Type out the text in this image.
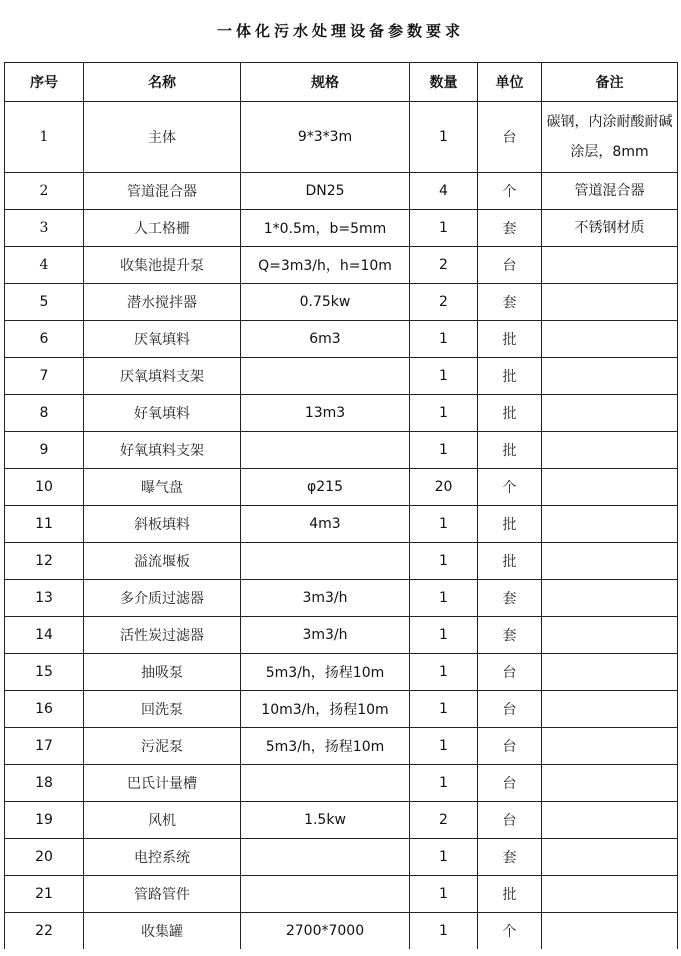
一体化污水处理设备参数要求
序号	名称	规格	数量	单位	备注
1	主体	9*3*3m	1	台	碳钢，内涂耐酸耐碱涂层，8mm
2	管道混合器	DN25	4	个	管道混合器
3	人工格栅	1*0.5m，b=5mm	1	套	不锈钢材质
4	收集池提升泵	Q=3m3/h，h=10m	2	台	
5	潜水搅拌器	0.75kw	2	套	
6	厌氧填料	6m3	1	批	
7	厌氧填料支架		1	批	
8	好氧填料	13m3	1	批	
9	好氧填料支架		1	批	
10	曝气盘	φ215	20	个	
11	斜板填料	4m3	1	批	
12	溢流堰板		1	批	
13	多介质过滤器	3m3/h	1	套	
14	活性炭过滤器	3m3/h	1	套	
15	抽吸泵	5m3/h，扬程10m	1	台	
16	回洗泵	10m3/h，扬程10m	1	台	
17	污泥泵	5m3/h，扬程10m	1	台	
18	巴氏计量槽		1	台	
19	风机	1.5kw	2	台	
20	电控系统		1	套	
21	管路管件		1	批	
22	收集罐	2700*7000	1	个	
